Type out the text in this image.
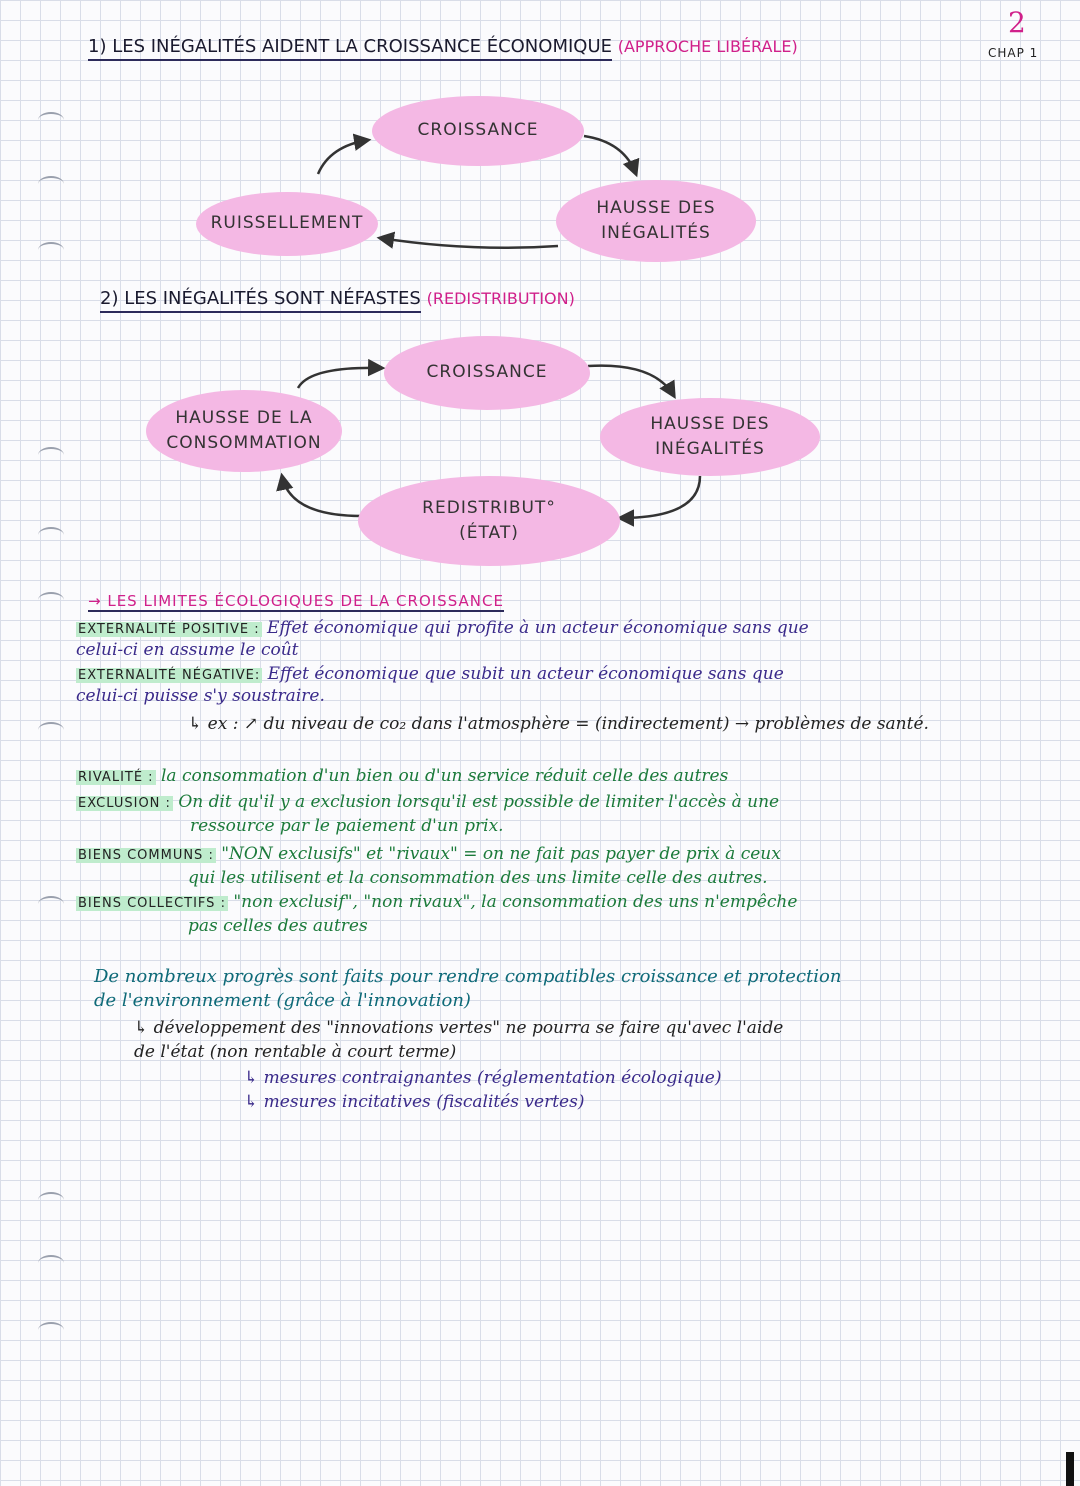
2
CHAP 1
1) LES INÉGALITÉS AIDENT LA CROISSANCE ÉCONOMIQUE (APPROCHE LIBÉRALE)
CROISSANCE
HAUSSE DES INÉGALITÉS
RUISSELLEMENT
2) LES INÉGALITÉS SONT NÉFASTES (REDISTRIBUTION)
CROISSANCE
HAUSSE DES INÉGALITÉS
REDISTRIBUT° (ÉTAT)
HAUSSE DE LA CONSOMMATION
→ LES LIMITES ÉCOLOGIQUES DE LA CROISSANCE
EXTERNALITÉ POSITIVE : Effet économique qui profite à un acteur économique sans que
celui-ci en assume le coût
EXTERNALITÉ NÉGATIVE: Effet économique que subit un acteur économique sans que
celui-ci puisse s'y soustraire.
↳ ex : ↗ du niveau de co₂ dans l'atmosphère = (indirectement) → problèmes de santé.
RIVALITÉ : la consommation d'un bien ou d'un service réduit celle des autres
EXCLUSION : On dit qu'il y a exclusion lorsqu'il est possible de limiter l'accès à une
ressource par le paiement d'un prix.
BIENS COMMUNS : "NON exclusifs" et "rivaux" = on ne fait pas payer de prix à ceux
qui les utilisent et la consommation des uns limite celle des autres.
BIENS COLLECTIFS : "non exclusif", "non rivaux", la consommation des uns n'empêche
pas celles des autres
De nombreux progrès sont faits pour rendre compatibles croissance et protection
de l'environnement (grâce à l'innovation)
↳ développement des "innovations vertes" ne pourra se faire qu'avec l'aide
de l'état (non rentable à court terme)
↳ mesures contraignantes (réglementation écologique)
↳ mesures incitatives (fiscalités vertes)
